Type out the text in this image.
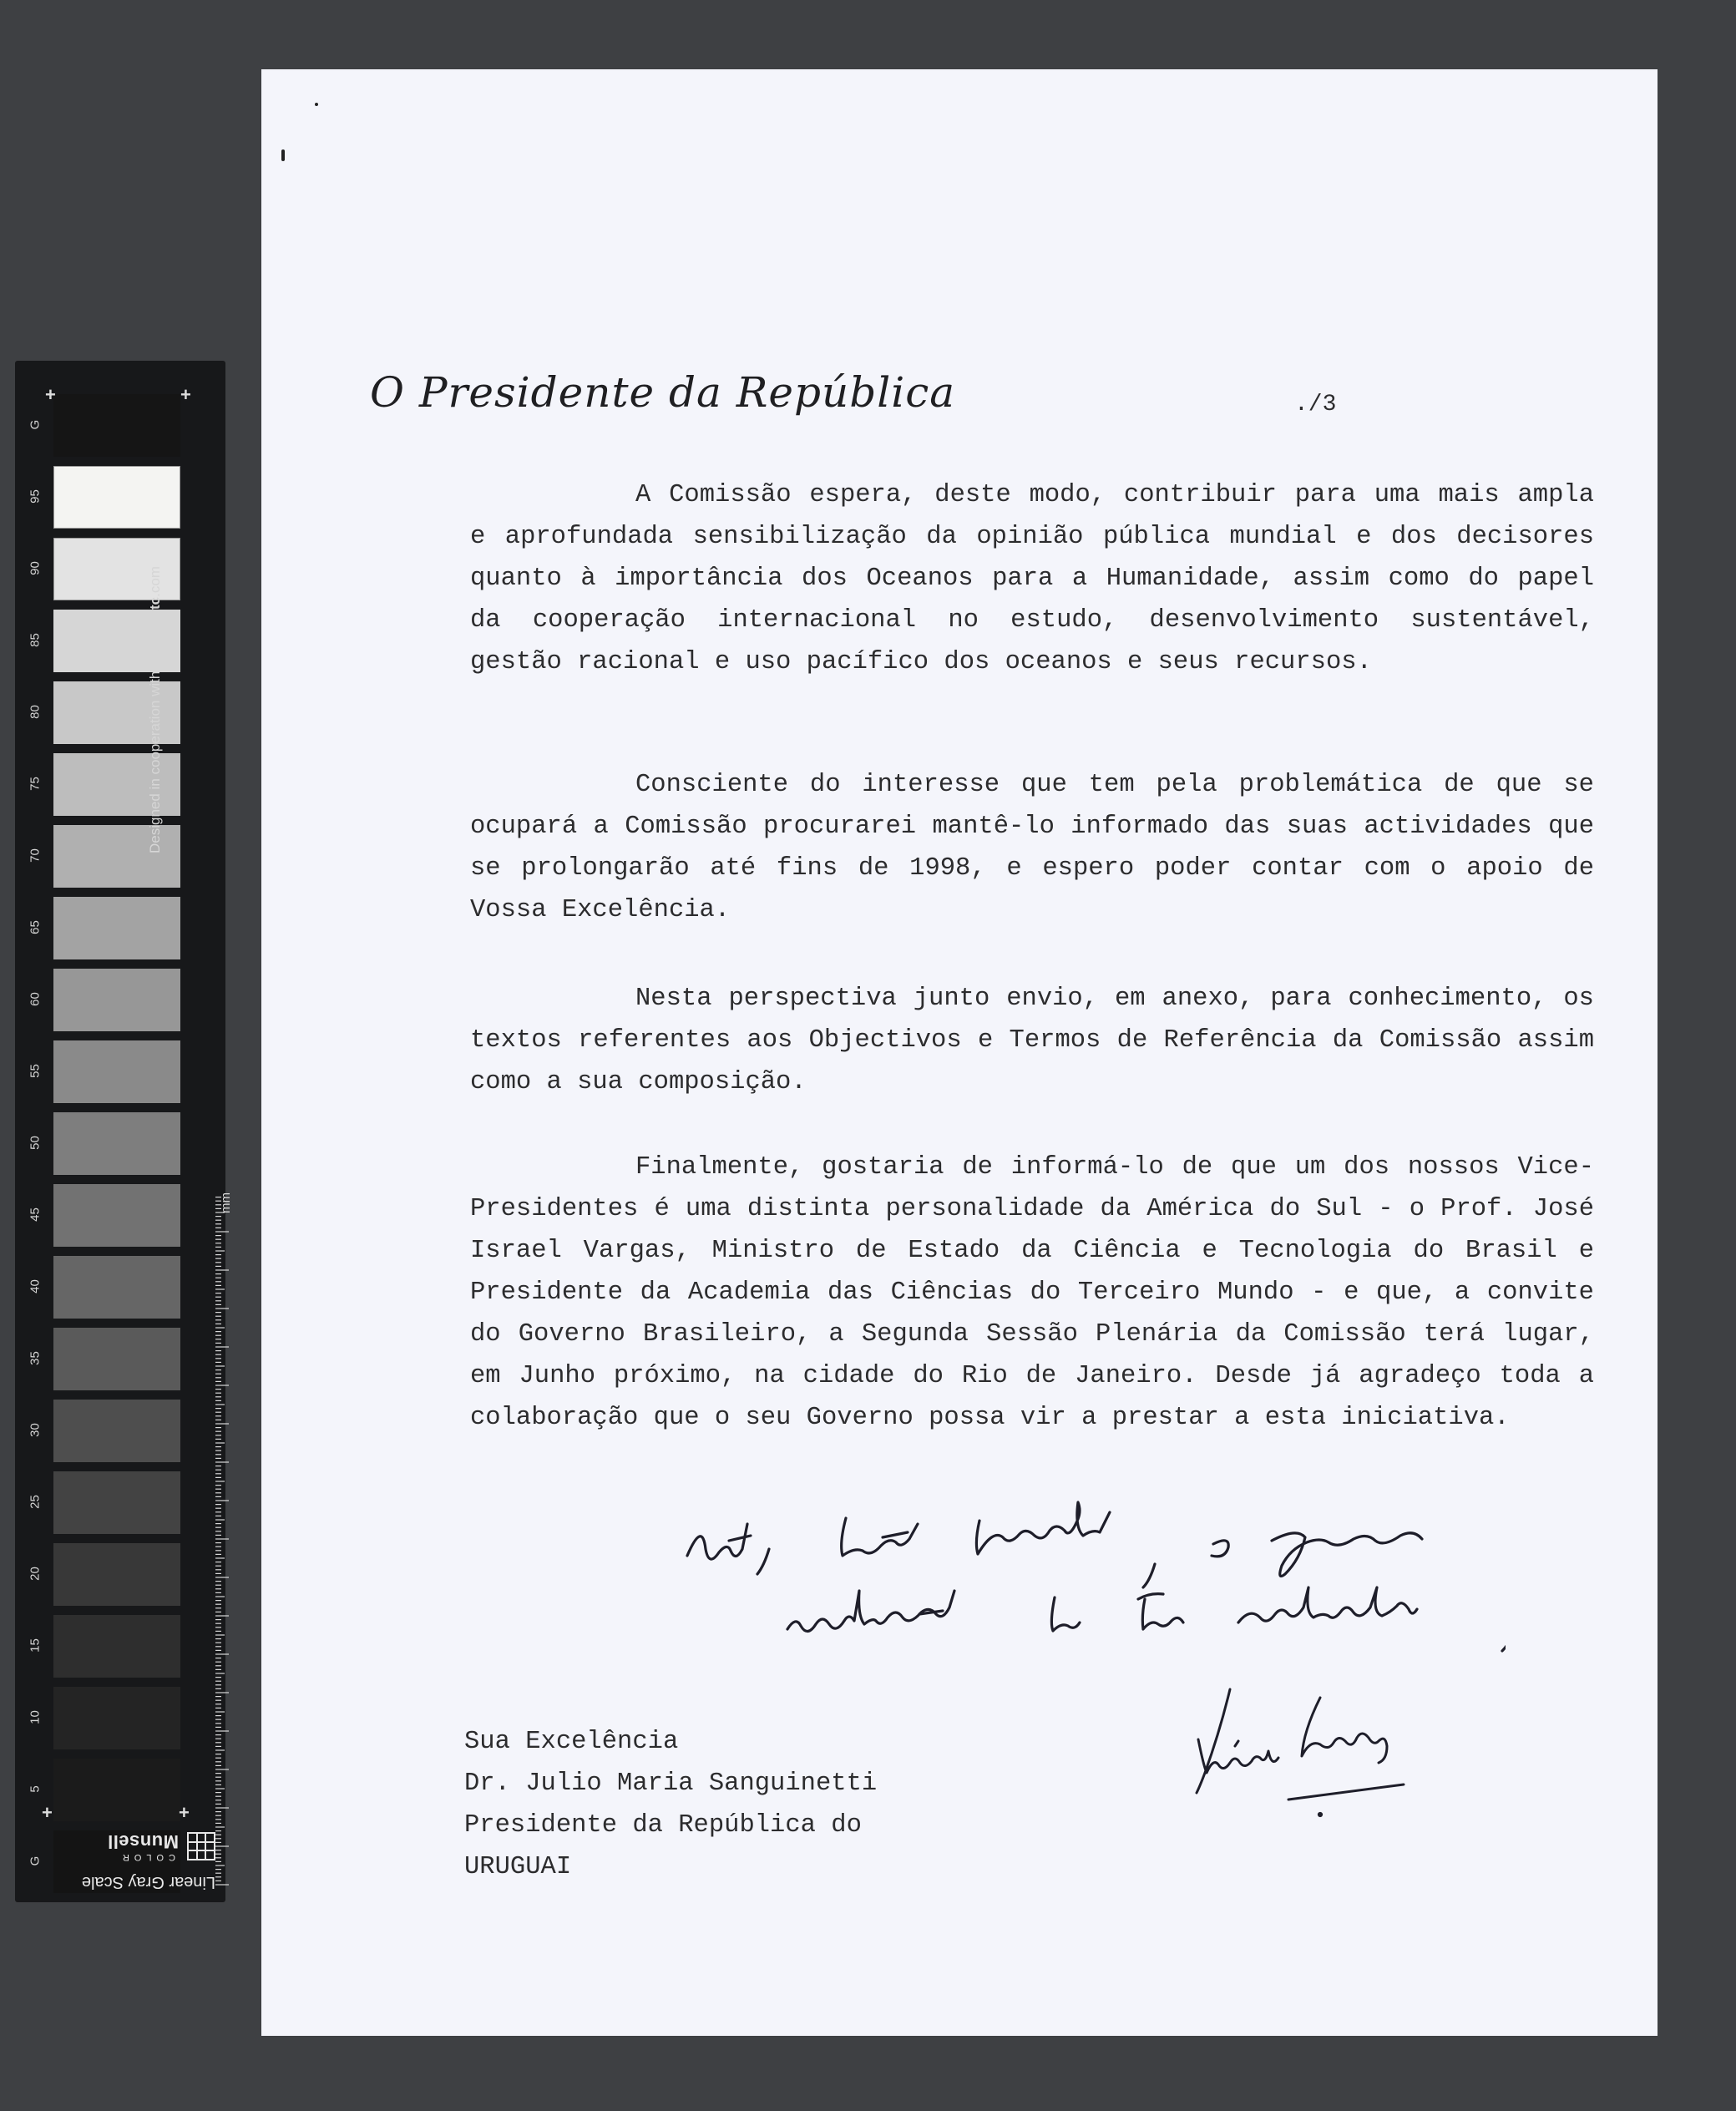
G
95
90
85
80
75
70
65
60
55
50
45
40
35
30
25
20
15
10
5
G
+	+
+	+
Designed in cooperation with imagingetc.com
mm
Linear Gray Scale
COLOR
Munsell
O Presidente da República	./3

A Comissão espera, deste modo, contribuir para uma mais ampla e aprofundada sensibilização da opinião pública mundial e dos decisores quanto à importância dos Oceanos para a Humanidade, assim como do papel da cooperação internacional no estudo, desenvolvimento sustentável, gestão racional e uso pacífico dos oceanos e seus recursos.

Consciente do interesse que tem pela problemática de que se ocupará a Comissão procurarei mantê-lo informado das suas actividades que se prolongarão até fins de 1998, e espero poder contar com o apoio de Vossa Excelência.

Nesta perspectiva junto envio, em anexo, para conhecimento, os textos referentes aos Objectivos e Termos de Referência da Comissão assim como a sua composição.

Finalmente, gostaria de informá-lo de que um dos nossos Vice-Presidentes é uma distinta personalidade da América do Sul - o Prof. José Israel Vargas, Ministro de Estado da Ciência e Tecnologia do Brasil e Presidente da Academia das Ciências do Terceiro Mundo - e que, a convite do Governo Brasileiro, a Segunda Sessão Plenária da Comissão terá lugar, em Junho próximo, na cidade do Rio de Janeiro. Desde já agradeço toda a colaboração que o seu Governo possa vir a prestar a esta iniciativa.

Sua Excelência
Dr. Julio Maria Sanguinetti
Presidente da República do
URUGUAI
